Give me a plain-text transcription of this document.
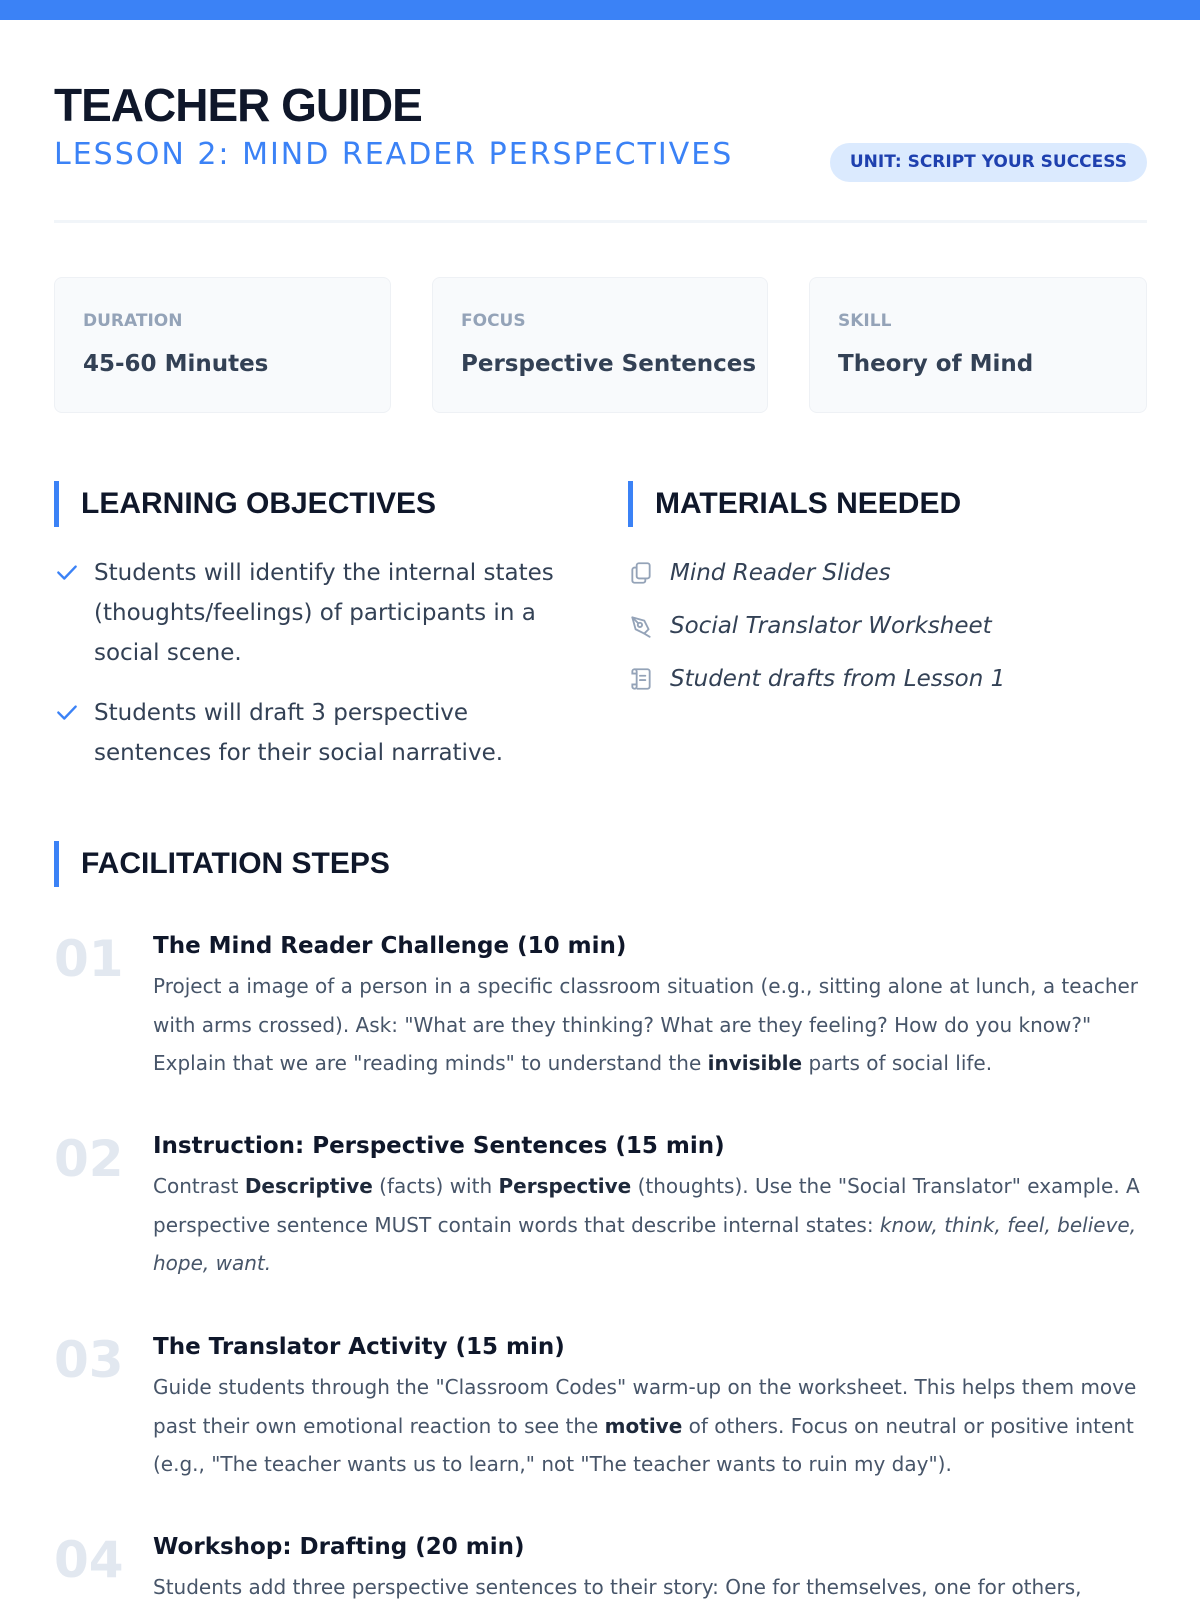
TEACHER GUIDE
LESSON 2: MIND READER PERSPECTIVES	UNIT: SCRIPT YOUR SUCCESS
DURATION
45-60 Minutes
FOCUS
Perspective Sentences
SKILL
Theory of Mind
LEARNING OBJECTIVES
Students will identify the internal states (thoughts/feelings) of participants in a social scene.
Students will draft 3 perspective sentences for their social narrative.
MATERIALS NEEDED
Mind Reader Slides
Social Translator Worksheet
Student drafts from Lesson 1
FACILITATION STEPS
01 The Mind Reader Challenge (10 min)
Project a image of a person in a specific classroom situation (e.g., sitting alone at lunch, a teacher with arms crossed). Ask: "What are they thinking? What are they feeling? How do you know?" Explain that we are "reading minds" to understand the invisible parts of social life.
02 Instruction: Perspective Sentences (15 min)
Contrast Descriptive (facts) with Perspective (thoughts). Use the "Social Translator" example. A perspective sentence MUST contain words that describe internal states: know, think, feel, believe, hope, want.
03 The Translator Activity (15 min)
Guide students through the "Classroom Codes" warm-up on the worksheet. This helps them move past their own emotional reaction to see the motive of others. Focus on neutral or positive intent (e.g., "The teacher wants us to learn," not "The teacher wants to ruin my day").
04 Workshop: Drafting (20 min)
Students add three perspective sentences to their story: One for themselves, one for others,
